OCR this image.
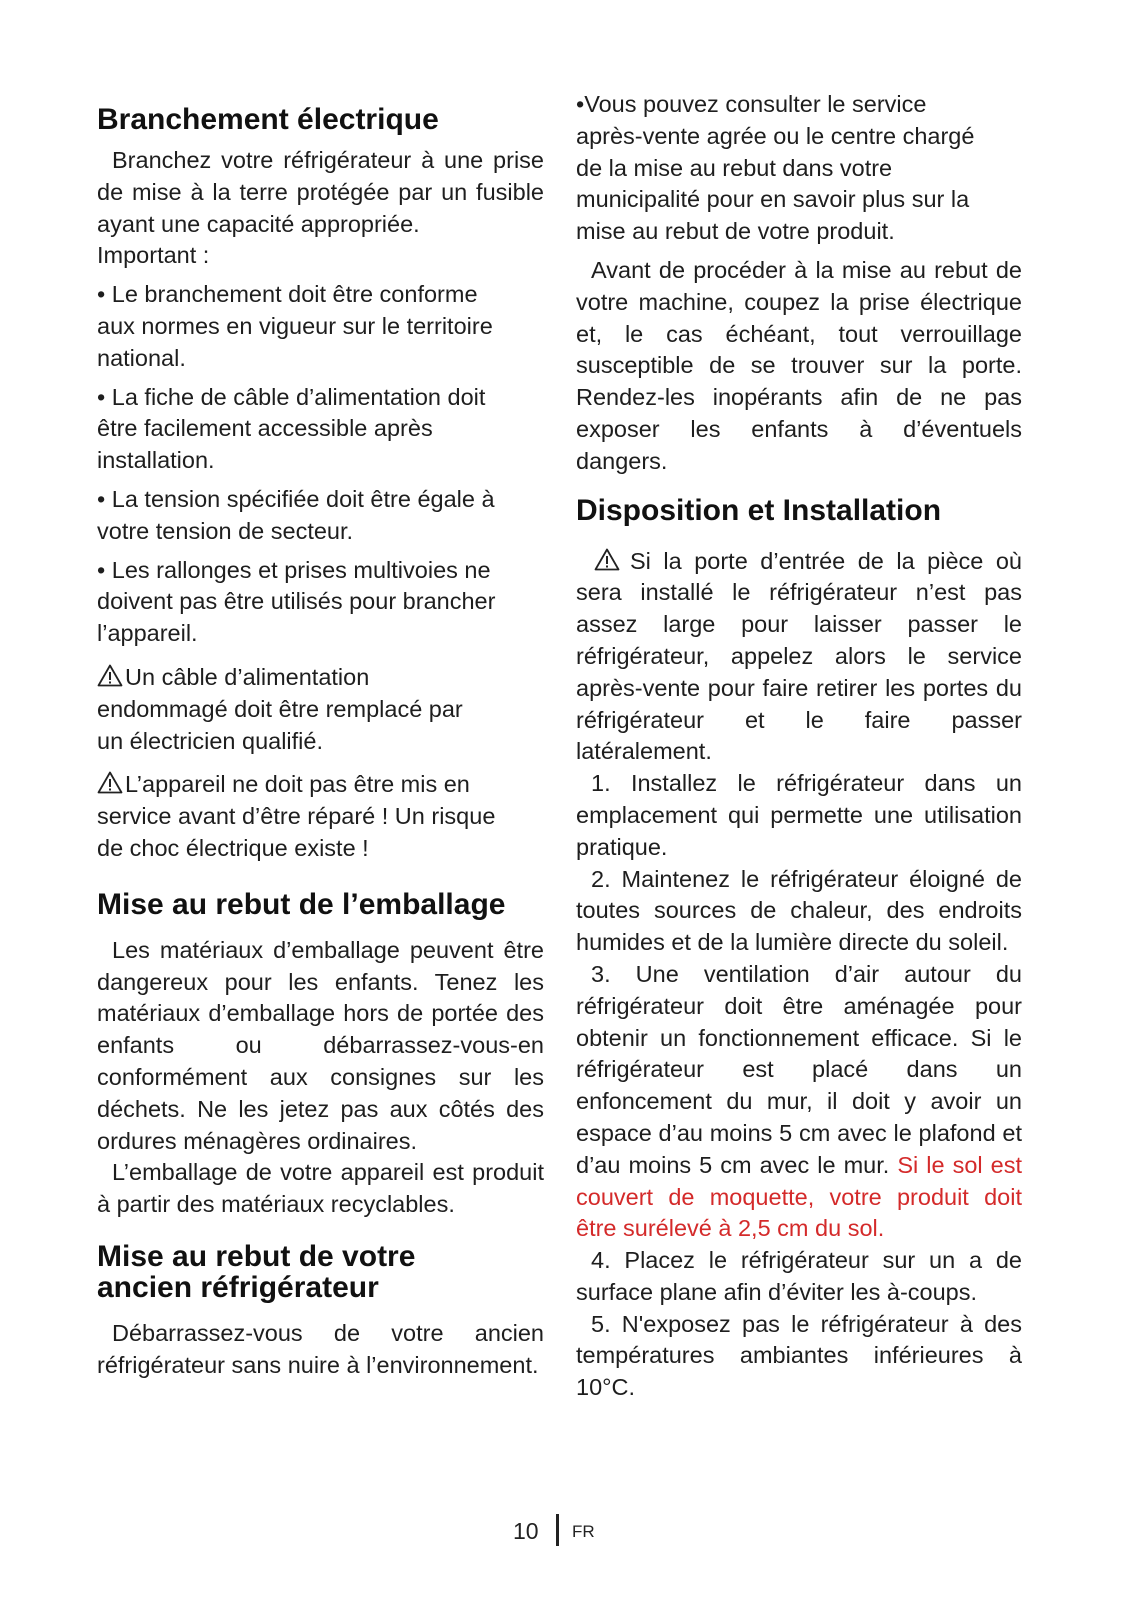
Branchement électrique

Branchez votre réfrigérateur à une prise de mise à la terre protégée par un fusible ayant une capacité appropriée.

Important :

• Le branchement doit être conforme aux normes en vigueur sur le territoire national.

• La fiche de câble d’alimentation doit être facilement accessible après installation.

• La tension spécifiée doit être égale à votre tension de secteur.

• Les rallonges et prises multivoies ne doivent pas être utilisés pour brancher l’appareil.

Un câble d’alimentation endommagé doit être remplacé par un électricien qualifié.

L’appareil ne doit pas être mis en service avant d’être réparé ! Un risque de choc électrique existe !

Mise au rebut de l’emballage

Les matériaux d’emballage peuvent être dangereux pour les enfants. Tenez les matériaux d’emballage hors de portée des enfants ou débarrassez-vous-en conformément aux consignes sur les déchets. Ne les jetez pas aux côtés des ordures ménagères ordinaires.

L’emballage de votre appareil est produit à partir des matériaux recyclables.

Mise au rebut de votre
ancien réfrigérateur

Débarrassez-vous de votre ancien réfrigérateur sans nuire à l’environnement.

•Vous pouvez consulter le service après-vente agrée ou le centre chargé de la mise au rebut dans votre municipalité pour en savoir plus sur la mise au rebut de votre produit.

Avant de procéder à la mise au rebut de votre machine, coupez la prise électrique et, le cas échéant, tout verrouillage susceptible de se trouver sur la porte. Rendez-les inopérants afin de ne pas exposer les enfants à d’éventuels dangers.

Disposition et Installation

Si la porte d’entrée de la pièce où sera installé le réfrigérateur n’est pas assez large pour laisser passer le réfrigérateur, appelez alors le service après-vente pour faire retirer les portes du réfrigérateur et le faire passer latéralement.

1. Installez le réfrigérateur dans un emplacement qui permette une utilisation pratique.

2. Maintenez le réfrigérateur éloigné de toutes sources de chaleur, des endroits humides et de la lumière directe du soleil.

3. Une ventilation d’air autour du réfrigérateur doit être aménagée pour obtenir un fonctionnement efficace. Si le réfrigérateur est placé dans un enfoncement du mur, il doit y avoir un espace d’au moins 5 cm avec le plafond et d’au moins 5 cm avec le mur. Si le sol est couvert de moquette, votre produit doit être surélevé à 2,5 cm du sol.

4. Placez le réfrigérateur sur un a de surface plane afin d’éviter les à-coups.

5. N'exposez pas le réfrigérateur à des températures ambiantes inférieures à 10°C.

10 FR
